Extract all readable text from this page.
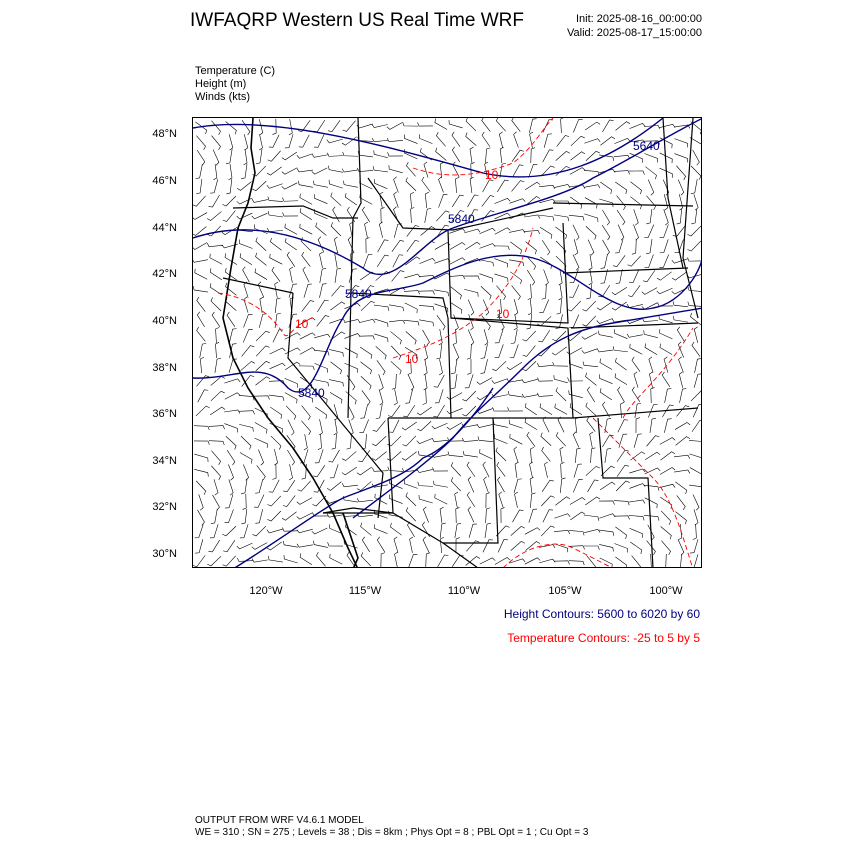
IWFAQRP Western US Real Time WRF	Init: 2025-08-16_00:00:00
Valid: 2025-08-17_15:00:00
Temperature (C)
Height (m)
Winds (kts)
48°N
46°N
44°N
42°N
40°N
38°N
36°N
34°N
32°N
30°N
120°W	115°W	110°W	105°W	100°W
5640
5840
5840
5840
10
10
10
10
Height Contours: 5600 to 6020 by 60
Temperature Contours: -25 to 5 by 5
OUTPUT FROM WRF V4.6.1 MODEL
WE = 310 ; SN = 275 ; Levels = 38 ; Dis = 8km ; Phys Opt = 8 ; PBL Opt = 1 ; Cu Opt = 3
